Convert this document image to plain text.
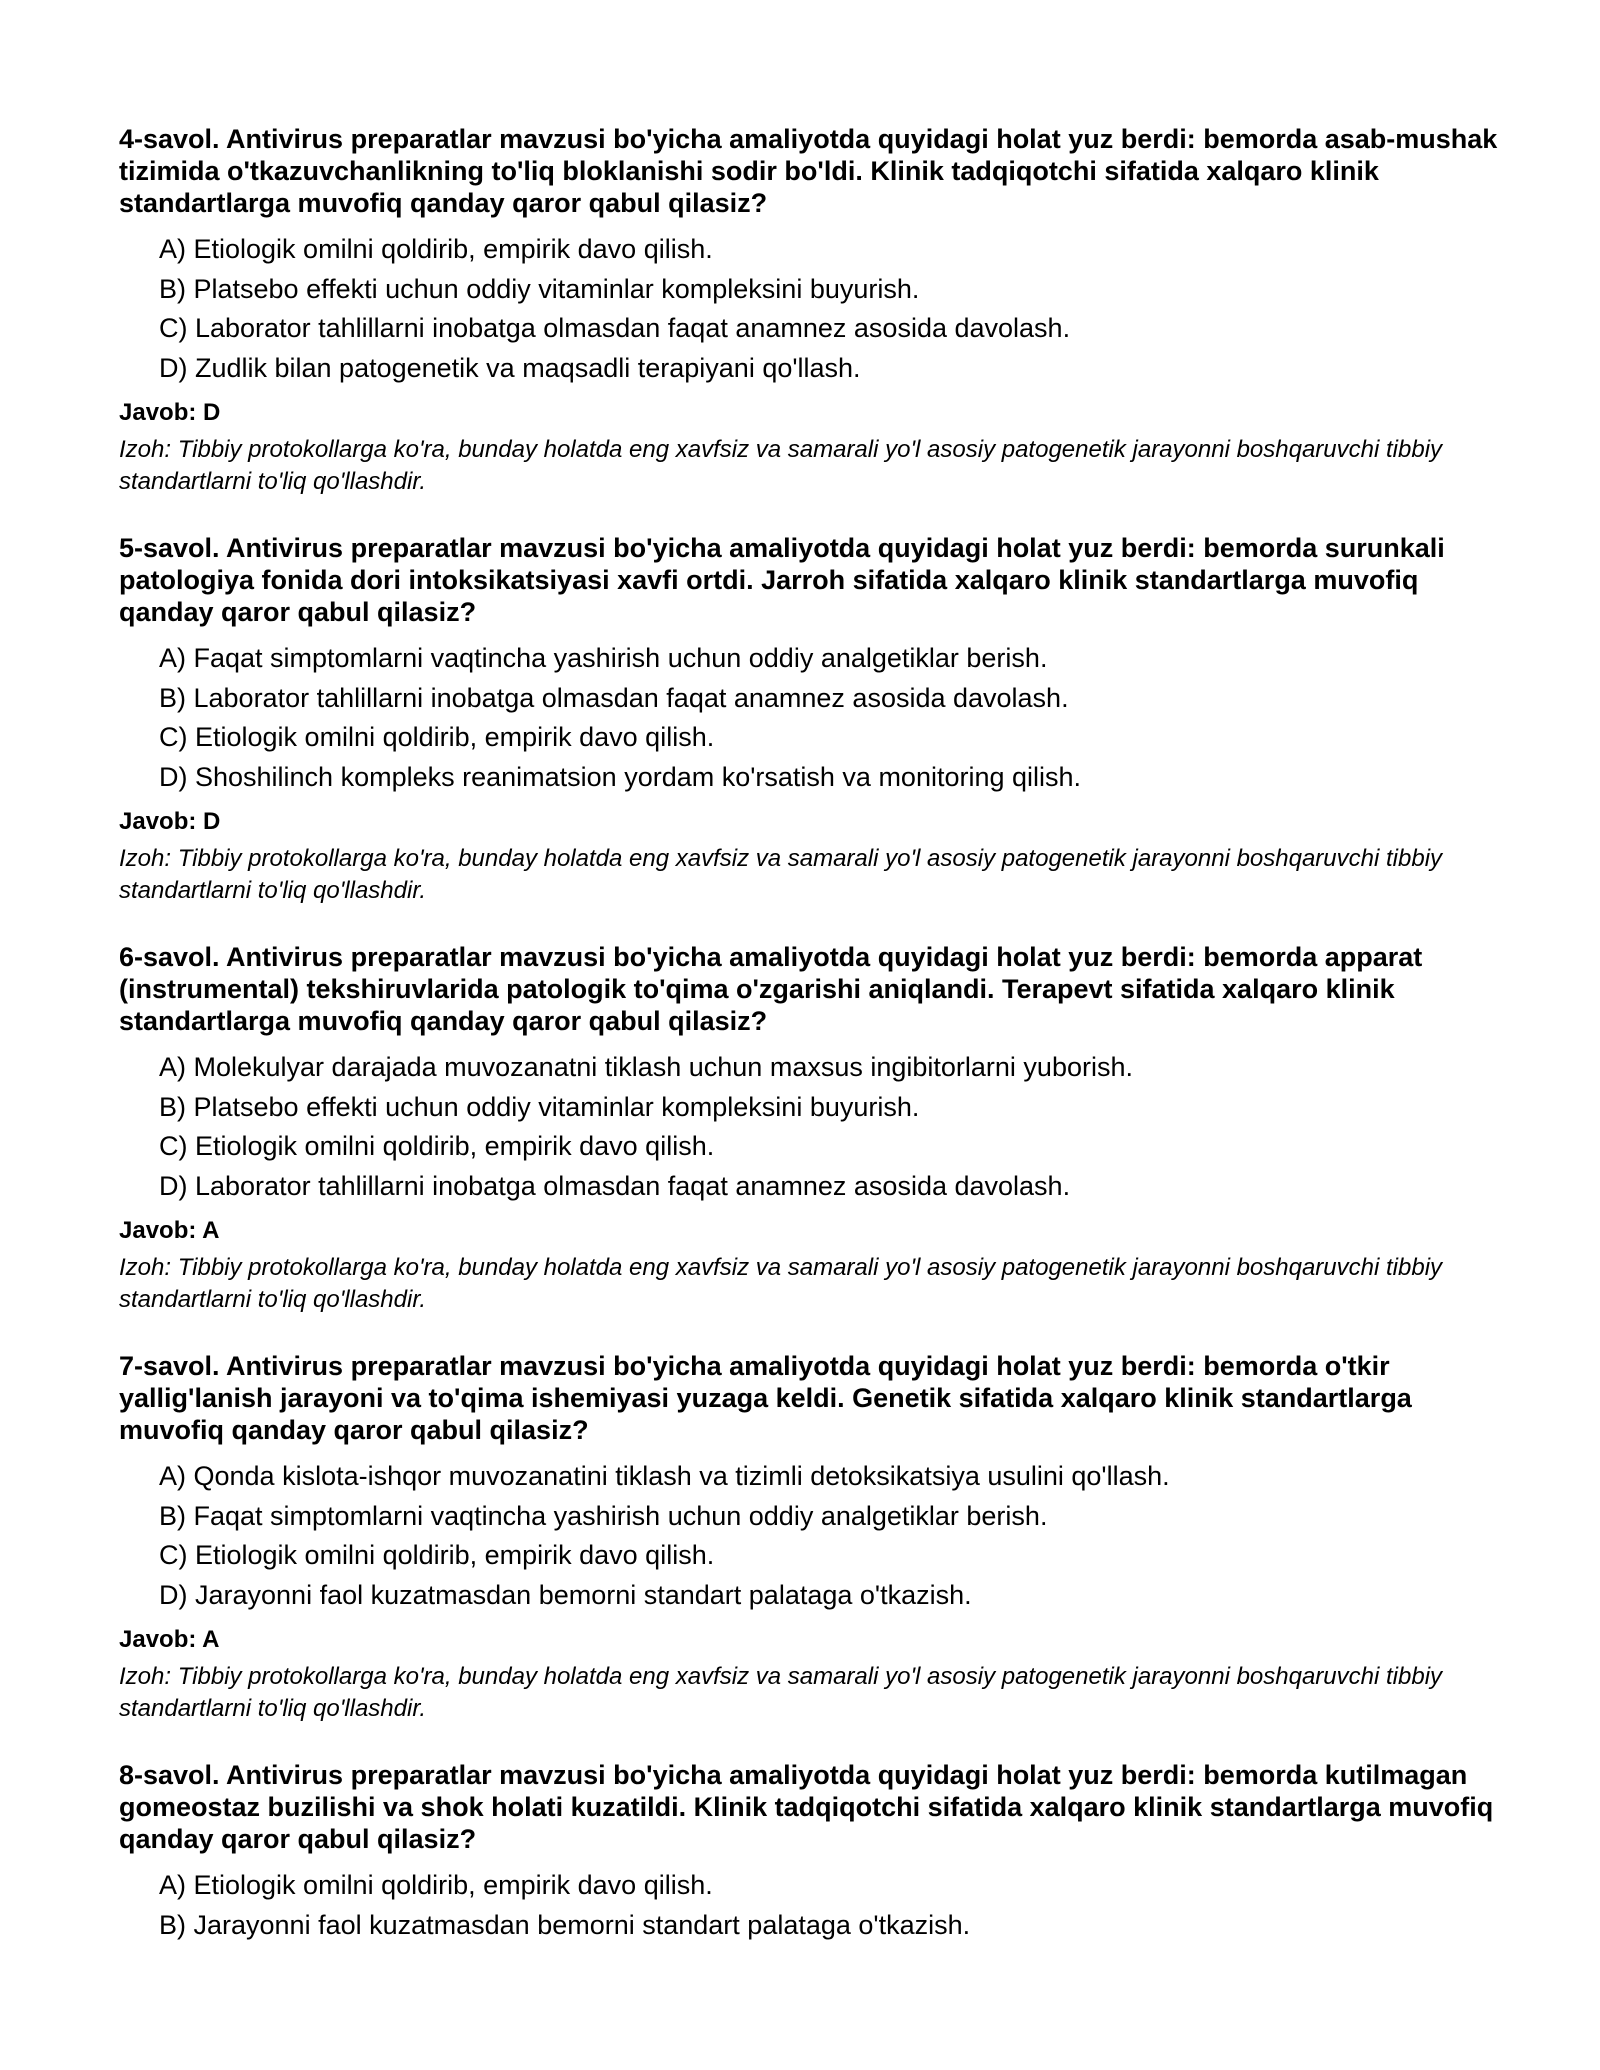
4-savol. Antivirus preparatlar mavzusi bo'yicha amaliyotda quyidagi holat yuz berdi: bemorda asab-mushak tizimida o'tkazuvchanlikning to'liq bloklanishi sodir bo'ldi. Klinik tadqiqotchi sifatida xalqaro klinik standartlarga muvofiq qanday qaror qabul qilasiz?

A) Etiologik omilni qoldirib, empirik davo qilish.
B) Platsebo effekti uchun oddiy vitaminlar kompleksini buyurish.
C) Laborator tahlillarni inobatga olmasdan faqat anamnez asosida davolash.
D) Zudlik bilan patogenetik va maqsadli terapiyani qo'llash.
Javob: D
Izoh: Tibbiy protokollarga ko'ra, bunday holatda eng xavfsiz va samarali yo'l asosiy patogenetik jarayonni boshqaruvchi tibbiy standartlarni to'liq qo'llashdir.

5-savol. Antivirus preparatlar mavzusi bo'yicha amaliyotda quyidagi holat yuz berdi: bemorda surunkali patologiya fonida dori intoksikatsiyasi xavfi ortdi. Jarroh sifatida xalqaro klinik standartlarga muvofiq qanday qaror qabul qilasiz?

A) Faqat simptomlarni vaqtincha yashirish uchun oddiy analgetiklar berish.
B) Laborator tahlillarni inobatga olmasdan faqat anamnez asosida davolash.
C) Etiologik omilni qoldirib, empirik davo qilish.
D) Shoshilinch kompleks reanimatsion yordam ko'rsatish va monitoring qilish.
Javob: D
Izoh: Tibbiy protokollarga ko'ra, bunday holatda eng xavfsiz va samarali yo'l asosiy patogenetik jarayonni boshqaruvchi tibbiy standartlarni to'liq qo'llashdir.

6-savol. Antivirus preparatlar mavzusi bo'yicha amaliyotda quyidagi holat yuz berdi: bemorda apparat (instrumental) tekshiruvlarida patologik to'qima o'zgarishi aniqlandi. Terapevt sifatida xalqaro klinik standartlarga muvofiq qanday qaror qabul qilasiz?

A) Molekulyar darajada muvozanatni tiklash uchun maxsus ingibitorlarni yuborish.
B) Platsebo effekti uchun oddiy vitaminlar kompleksini buyurish.
C) Etiologik omilni qoldirib, empirik davo qilish.
D) Laborator tahlillarni inobatga olmasdan faqat anamnez asosida davolash.
Javob: A
Izoh: Tibbiy protokollarga ko'ra, bunday holatda eng xavfsiz va samarali yo'l asosiy patogenetik jarayonni boshqaruvchi tibbiy standartlarni to'liq qo'llashdir.

7-savol. Antivirus preparatlar mavzusi bo'yicha amaliyotda quyidagi holat yuz berdi: bemorda o'tkir yallig'lanish jarayoni va to'qima ishemiyasi yuzaga keldi. Genetik sifatida xalqaro klinik standartlarga muvofiq qanday qaror qabul qilasiz?

A) Qonda kislota-ishqor muvozanatini tiklash va tizimli detoksikatsiya usulini qo'llash.
B) Faqat simptomlarni vaqtincha yashirish uchun oddiy analgetiklar berish.
C) Etiologik omilni qoldirib, empirik davo qilish.
D) Jarayonni faol kuzatmasdan bemorni standart palataga o'tkazish.
Javob: A
Izoh: Tibbiy protokollarga ko'ra, bunday holatda eng xavfsiz va samarali yo'l asosiy patogenetik jarayonni boshqaruvchi tibbiy standartlarni to'liq qo'llashdir.

8-savol. Antivirus preparatlar mavzusi bo'yicha amaliyotda quyidagi holat yuz berdi: bemorda kutilmagan gomeostaz buzilishi va shok holati kuzatildi. Klinik tadqiqotchi sifatida xalqaro klinik standartlarga muvofiq qanday qaror qabul qilasiz?

A) Etiologik omilni qoldirib, empirik davo qilish.
B) Jarayonni faol kuzatmasdan bemorni standart palataga o'tkazish.
